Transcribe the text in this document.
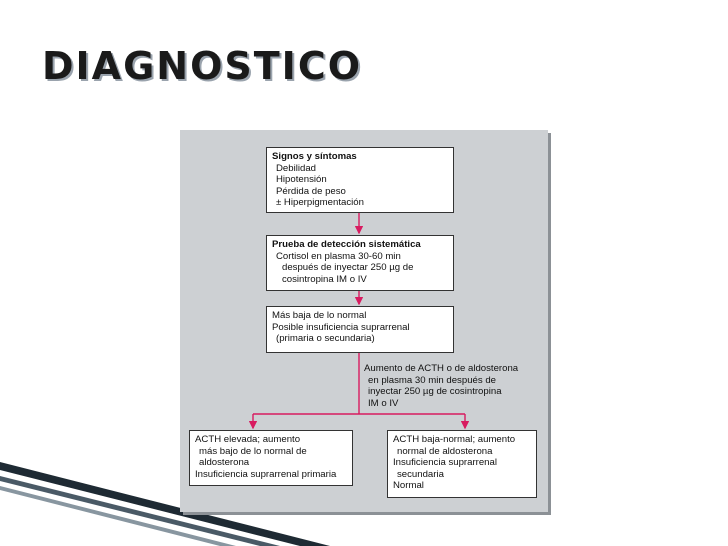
DIAGNOSTICO
Signos y síntomas
Debilidad
Hipotensión
Pérdida de peso
± Hiperpigmentación
Prueba de detección sistemática
Cortisol en plasma 30-60 min
después de inyectar 250 µg de
cosintropina IM o IV
Más baja de lo normal
Posible insuficiencia suprarrenal
(primaria o secundaria)
Aumento de ACTH o de aldosterona
en plasma 30 min después de
inyectar 250 µg de cosintropina
IM o IV
ACTH elevada; aumento
más bajo de lo normal de
aldosterona
Insuficiencia suprarrenal primaria
ACTH baja-normal; aumento
normal de aldosterona
Insuficiencia suprarrenal
secundaria
Normal
